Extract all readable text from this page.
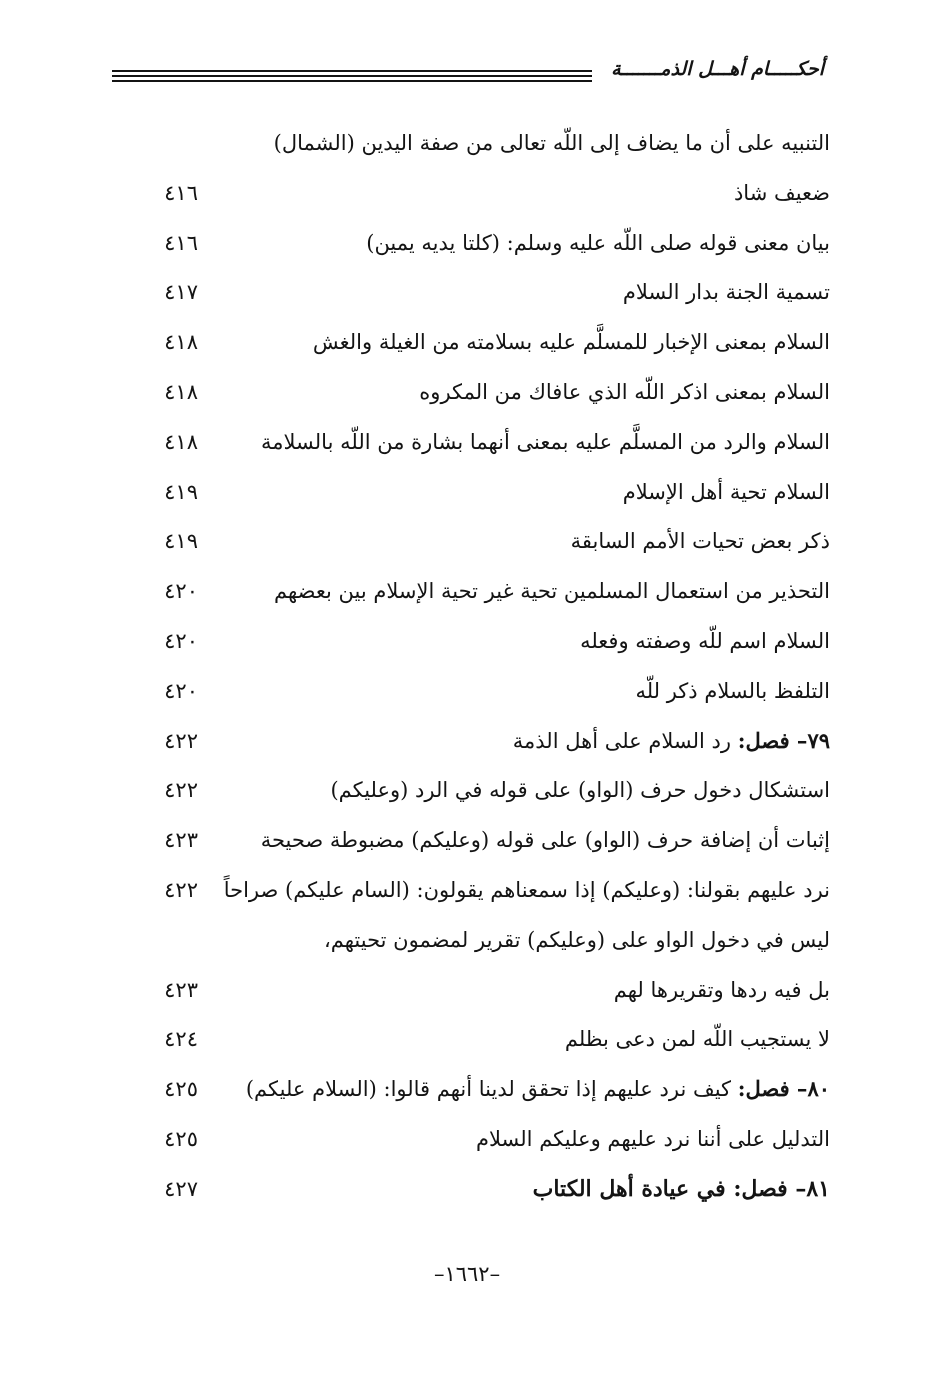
أحكـــــام أهـــل الذمـــــــة
التنبيه على أن ما يضاف إلى اللّه تعالى من صفة اليدين (الشمال)
ضعيف شاذ
٤١٦
بيان معنى قوله صلى اللّه عليه وسلم: (كلتا يديه يمين)
٤١٦
تسمية الجنة بدار السلام
٤١٧
السلام بمعنى الإخبار للمسلَّم عليه بسلامته من الغيلة والغش
٤١٨
السلام بمعنى اذكر اللّه الذي عافاك من المكروه
٤١٨
السلام والرد من المسلَّم عليه بمعنى أنهما بشارة من اللّه بالسلامة
٤١٨
السلام تحية أهل الإسلام
٤١٩
ذكر بعض تحيات الأمم السابقة
٤١٩
التحذير من استعمال المسلمين تحية غير تحية الإسلام بين بعضهم
٤٢٠
السلام اسم للّه وصفته وفعله
٤٢٠
التلفظ بالسلام ذكر للّه
٤٢٠
٧٩– فصل: رد السلام على أهل الذمة
٤٢٢
استشكال دخول حرف (الواو) على قوله في الرد (وعليكم)
٤٢٢
إثبات أن إضافة حرف (الواو) على قوله (وعليكم) مضبوطة صحيحة
٤٢٣
نرد عليهم بقولنا: (وعليكم) إذا سمعناهم يقولون: (السام عليكم) صراحاً
٤٢٢
ليس في دخول الواو على (وعليكم) تقرير لمضمون تحيتهم،
بل فيه ردها وتقريرها لهم
٤٢٣
لا يستجيب اللّه لمن دعى بظلم
٤٢٤
٨٠– فصل: كيف نرد عليهم إذا تحقق لدينا أنهم قالوا: (السلام عليكم)
٤٢٥
التدليل على أننا نرد عليهم وعليكم السلام
٤٢٥
٨١– فصل: في عيادة أهل الكتاب
٤٢٧
–١٦٦٢–
